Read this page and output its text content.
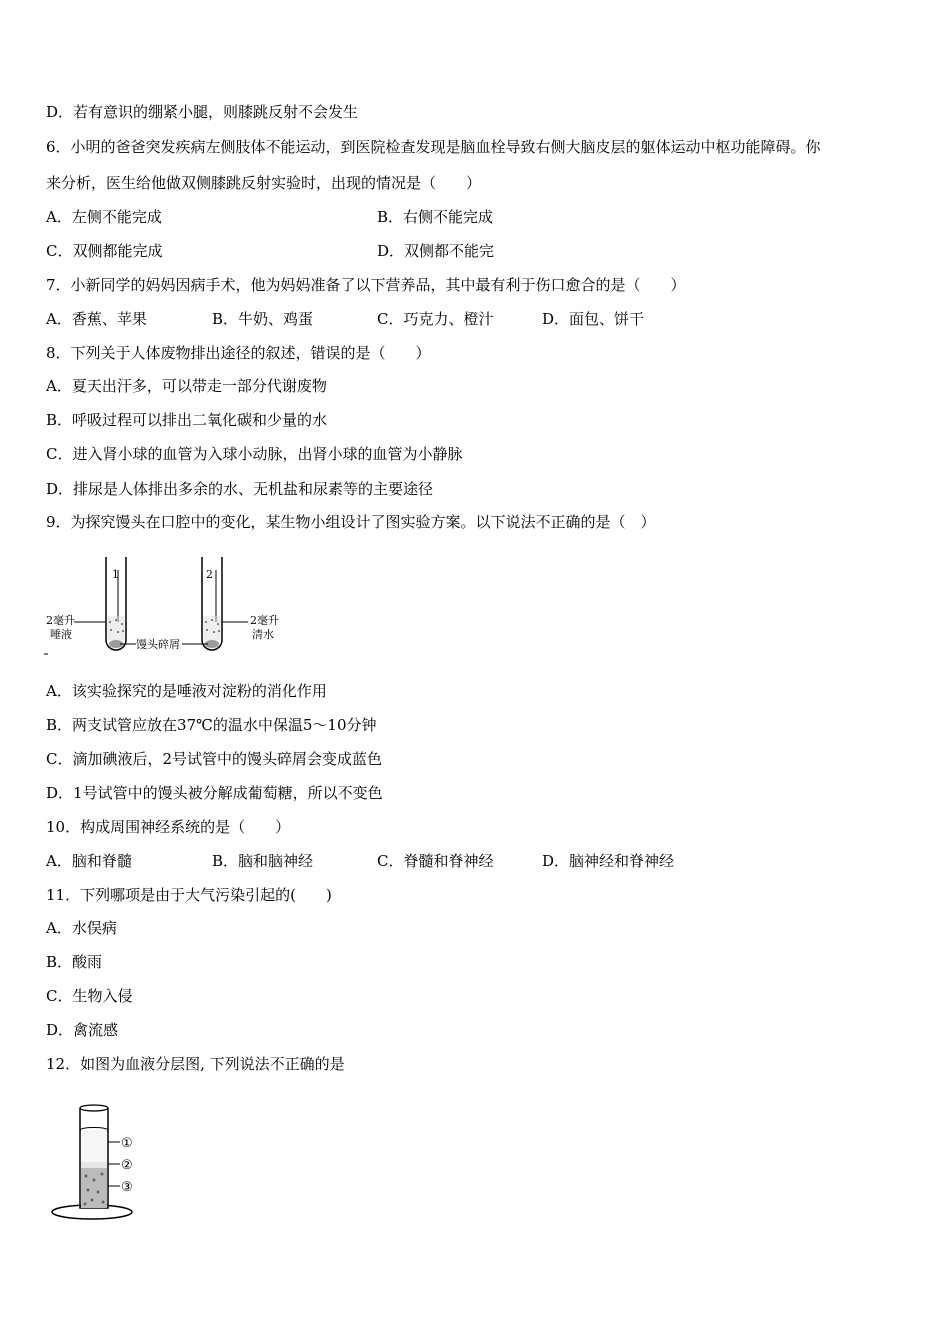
D．若有意识的绷紧小腿，则膝跳反射不会发生
6．小明的爸爸突发疾病左侧肢体不能运动，到医院检查发现是脑血栓导致右侧大脑皮层的躯体运动中枢功能障碍。你
来分析，医生给他做双侧膝跳反射实验时，出现的情况是（　　）
A．左侧不能完成	B．右侧不能完成
C．双侧都能完成	D．双侧都不能完
7．小新同学的妈妈因病手术，他为妈妈准备了以下营养品，其中最有利于伤口愈合的是（　　）
A．香蕉、苹果	B．牛奶、鸡蛋	C．巧克力、橙汁	D．面包、饼干
8．下列关于人体废物排出途径的叙述，错误的是（　　）
A．夏天出汗多，可以带走一部分代谢废物
B．呼吸过程可以排出二氧化碳和少量的水
C．进入肾小球的血管为入球小动脉，出肾小球的血管为小静脉
D．排尿是人体排出多余的水、无机盐和尿素等的主要途径
9．为探究馒头在口腔中的变化，某生物小组设计了图实验方案。以下说法不正确的是（　）
1	2
2毫升
唾液
馒头碎屑
2毫升
清水
A．该实验探究的是唾液对淀粉的消化作用
B．两支试管应放在37℃的温水中保温5～10分钟
C．滴加碘液后，2号试管中的馒头碎屑会变成蓝色
D．1号试管中的馒头被分解成葡萄糖，所以不变色
10．构成周围神经系统的是（　　）
A．脑和脊髓	B．脑和脑神经	C．脊髓和脊神经	D．脑神经和脊神经
11．下列哪项是由于大气污染引起的(　　)
A．水俣病
B．酸雨
C．生物入侵
D．禽流感
12．如图为血液分层图, 下列说法不正确的是
①
②
③
